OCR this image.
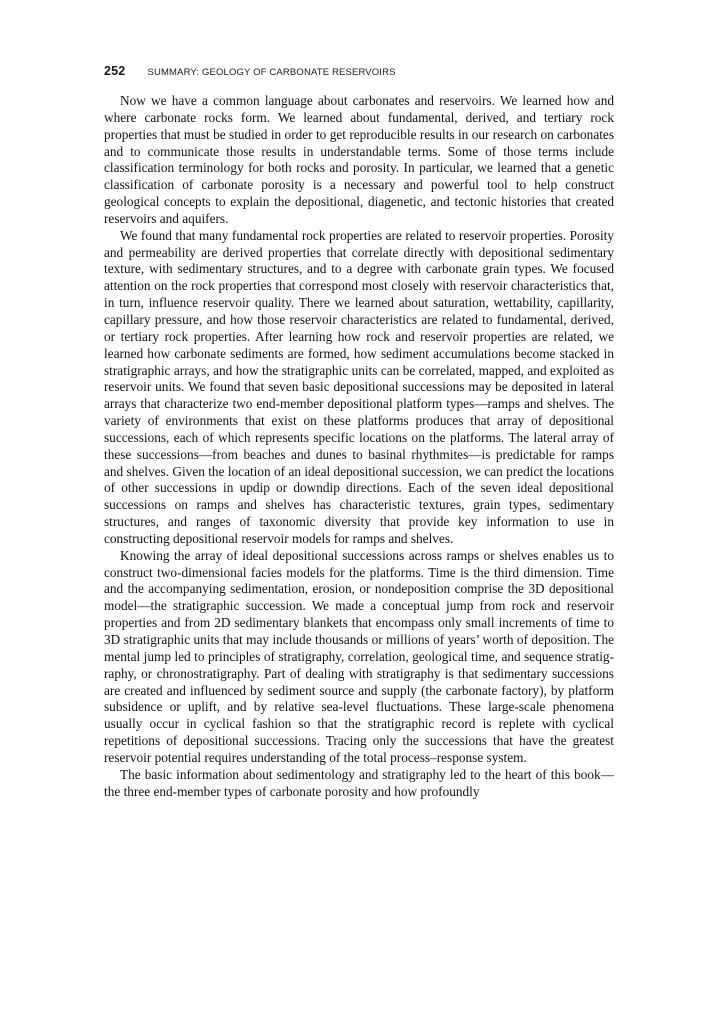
252 SUMMARY: GEOLOGY OF CARBONATE RESERVOIRS

Now we have a common language about carbonates and reservoirs. We learned how and where carbonate rocks form. We learned about fundamental, derived, and tertiary rock properties that must be studied in order to get reproducible results in our research on carbonates and to communicate those results in understandable terms. Some of those terms include classification terminology for both rocks and porosity. In particular, we learned that a genetic classification of carbonate porosity is a necessary and powerful tool to help construct geological concepts to explain the depositional, diagenetic, and tectonic histories that created reservoirs and aquifers.

We found that many fundamental rock properties are related to reservoir properties. Porosity and permeability are derived properties that correlate directly with depositional sedimentary texture, with sedimentary structures, and to a degree with carbonate grain types. We focused attention on the rock properties that correspond most closely with reservoir characteristics that, in turn, influence reservoir quality. There we learned about saturation, wettability, capillarity, capillary pressure, and how those reservoir characteristics are related to fundamental, derived, or tertiary rock properties. After learning how rock and reservoir properties are related, we learned how carbonate sediments are formed, how sediment accumulations become stacked in stratigraphic arrays, and how the stratigraphic units can be correlated, mapped, and exploited as reservoir units. We found that seven basic depositional successions may be deposited in lateral arrays that characterize two end-member depositional platform types—ramps and shelves. The variety of environments that exist on these platforms produces that array of depositional successions, each of which represents specific locations on the platforms. The lateral array of these successions—from beaches and dunes to basinal rhythmites—is predictable for ramps and shelves. Given the location of an ideal depositional succession, we can predict the locations of other successions in updip or downdip directions. Each of the seven ideal depositional successions on ramps and shelves has characteristic textures, grain types, sedimentary structures, and ranges of taxonomic diversity that provide key information to use in constructing depositional reservoir models for ramps and shelves.

Knowing the array of ideal depositional successions across ramps or shelves enables us to construct two-dimensional facies models for the platforms. Time is the third dimension. Time and the accompanying sedimentation, erosion, or nondeposition comprise the 3D depositional model—the stratigraphic succession. We made a conceptual jump from rock and reservoir properties and from 2D sedimentary blankets that encompass only small increments of time to 3D stratigraphic units that may include thousands or millions of years’ worth of deposition. The mental jump led to principles of stratigraphy, correlation, geological time, and sequence stratigraphy, or chronostratigraphy. Part of dealing with stratigraphy is that sedimentary successions are created and influenced by sediment source and supply (the carbonate factory), by platform subsidence or uplift, and by relative sea-level fluctuations. These large-scale phenomena usually occur in cyclical fashion so that the stratigraphic record is replete with cyclical repetitions of depositional successions. Tracing only the successions that have the greatest reservoir potential requires understanding of the total process–response system.

The basic information about sedimentology and stratigraphy led to the heart of this book—the three end-member types of carbonate porosity and how profoundly
